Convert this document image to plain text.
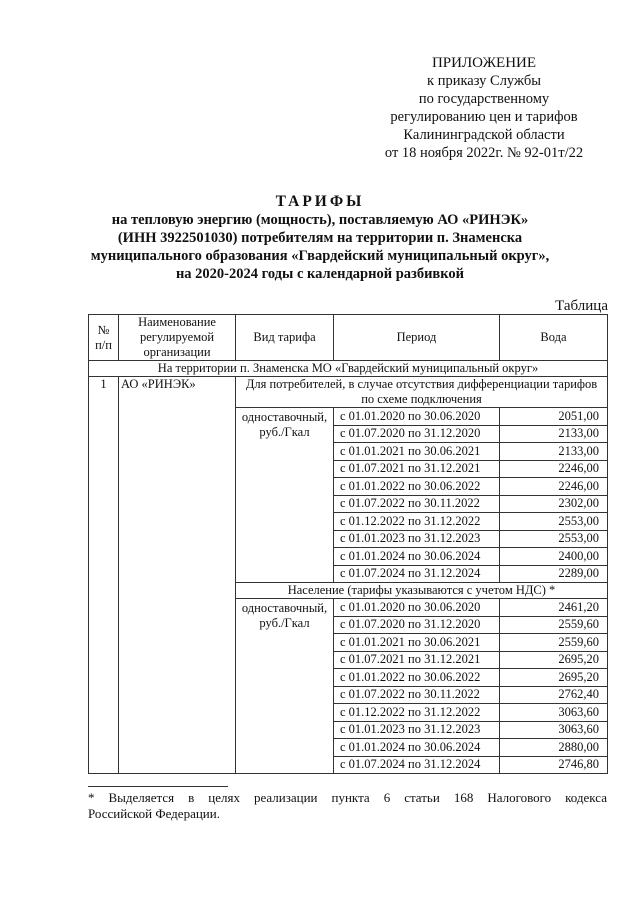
ПРИЛОЖЕНИЕ
к приказу Службы
по государственному
регулированию цен и тарифов
Калининградской области
от 18 ноября 2022г. № 92-01т/22
ТАРИФЫ
на тепловую энергию (мощность), поставляемую АО «РИНЭК»
(ИНН 3922501030) потребителям на территории п. Знаменска
муниципального образования «Гвардейский муниципальный округ»,
на 2020-2024 годы с календарной разбивкой
Таблица
№ п/п	Наименование регулируемой организации	Вид тарифа	Период	Вода
На территории п. Знаменска МО «Гвардейский муниципальный округ»				
1	АО «РИНЭК»	Для потребителей, в случае отсутствия дифференциации тарифов по схеме подключения		
		одноставочный, руб./Гкал	с 01.01.2020 по 30.06.2020	2051,00
			с 01.07.2020 по 31.12.2020	2133,00
			с 01.01.2021 по 30.06.2021	2133,00
			с 01.07.2021 по 31.12.2021	2246,00
			с 01.01.2022 по 30.06.2022	2246,00
			с 01.07.2022 по 30.11.2022	2302,00
			с 01.12.2022 по 31.12.2022	2553,00
			с 01.01.2023 по 31.12.2023	2553,00
			с 01.01.2024 по 30.06.2024	2400,00
			с 01.07.2024 по 31.12.2024	2289,00
		Население (тарифы указываются с учетом НДС) *		
		одноставочный, руб./Гкал	с 01.01.2020 по 30.06.2020	2461,20
			с 01.07.2020 по 31.12.2020	2559,60
			с 01.01.2021 по 30.06.2021	2559,60
			с 01.07.2021 по 31.12.2021	2695,20
			с 01.01.2022 по 30.06.2022	2695,20
			с 01.07.2022 по 30.11.2022	2762,40
			с 01.12.2022 по 31.12.2022	3063,60
			с 01.01.2023 по 31.12.2023	3063,60
			с 01.01.2024 по 30.06.2024	2880,00
			с 01.07.2024 по 31.12.2024	2746,80
* Выделяется в целях реализации пункта 6 статьи 168 Налогового кодекса
Российской Федерации.
